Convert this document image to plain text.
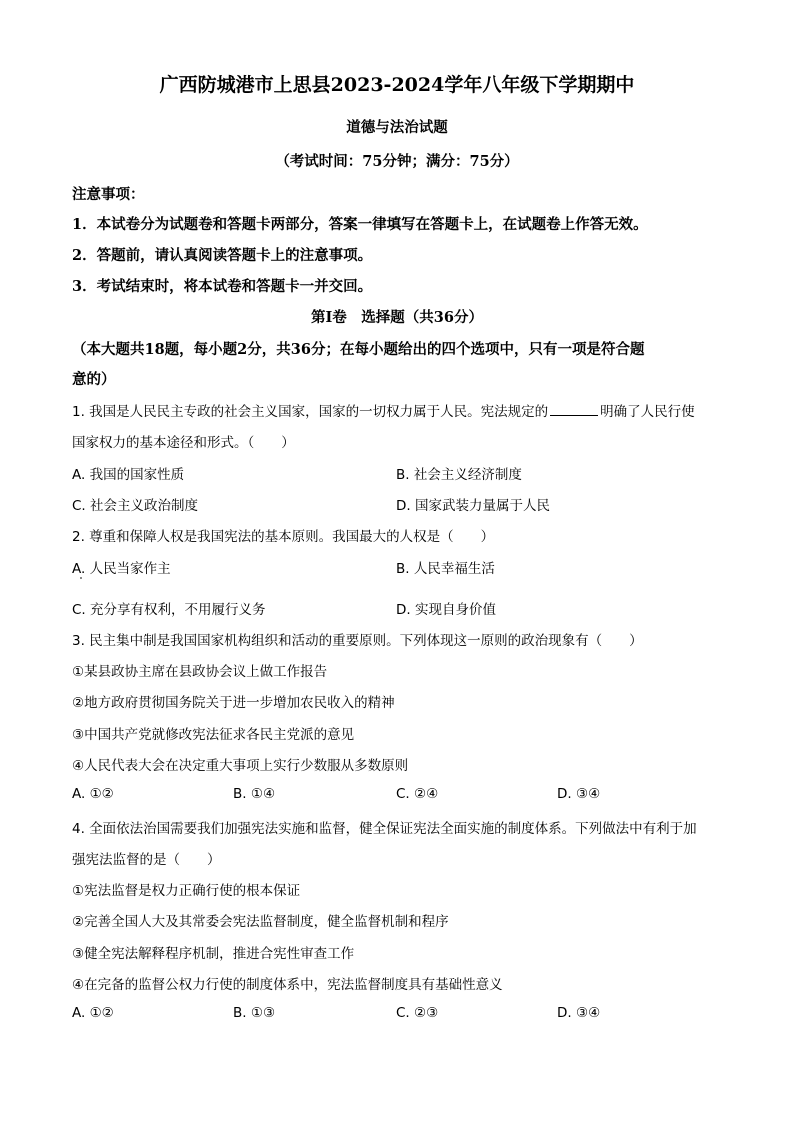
广西防城港市上思县2023-2024学年八年级下学期期中
道德与法治试题
（考试时间：75分钟；满分：75分）
注意事项：
1．本试卷分为试题卷和答题卡两部分，答案一律填写在答题卡上，在试题卷上作答无效。
2．答题前，请认真阅读答题卡上的注意事项。
3．考试结束时，将本试卷和答题卡一并交回。
第Ⅰ卷　选择题（共36分）
（本大题共18题，每小题2分，共36分；在每小题给出的四个选项中，只有一项是符合题
意的）
1. 我国是人民民主专政的社会主义国家，国家的一切权力属于人民。宪法规定的	明确了人民行使
国家权力的基本途径和形式。（　　）
A. 我国的国家性质	B. 社会主义经济制度
C. 社会主义政治制度	D. 国家武装力量属于人民
2. 尊重和保障人权是我国宪法的基本原则。我国最大的人权是（　　）
A. 人民当家作主	B. 人民幸福生活
C. 充分享有权利，不用履行义务	D. 实现自身价值
3. 民主集中制是我国国家机构组织和活动的重要原则。下列体现这一原则的政治现象有（　　）
①某县政协主席在县政协会议上做工作报告
②地方政府贯彻国务院关于进一步增加农民收入的精神
③中国共产党就修改宪法征求各民主党派的意见
④人民代表大会在决定重大事项上实行少数服从多数原则
A. ①②	B. ①④	C. ②④	D. ③④
4. 全面依法治国需要我们加强宪法实施和监督，健全保证宪法全面实施的制度体系。下列做法中有利于加
强宪法监督的是（　　）
①宪法监督是权力正确行使的根本保证
②完善全国人大及其常委会宪法监督制度，健全监督机制和程序
③健全宪法解释程序机制，推进合宪性审查工作
④在完备的监督公权力行使的制度体系中，宪法监督制度具有基础性意义
A. ①②	B. ①③	C. ②③	D. ③④
